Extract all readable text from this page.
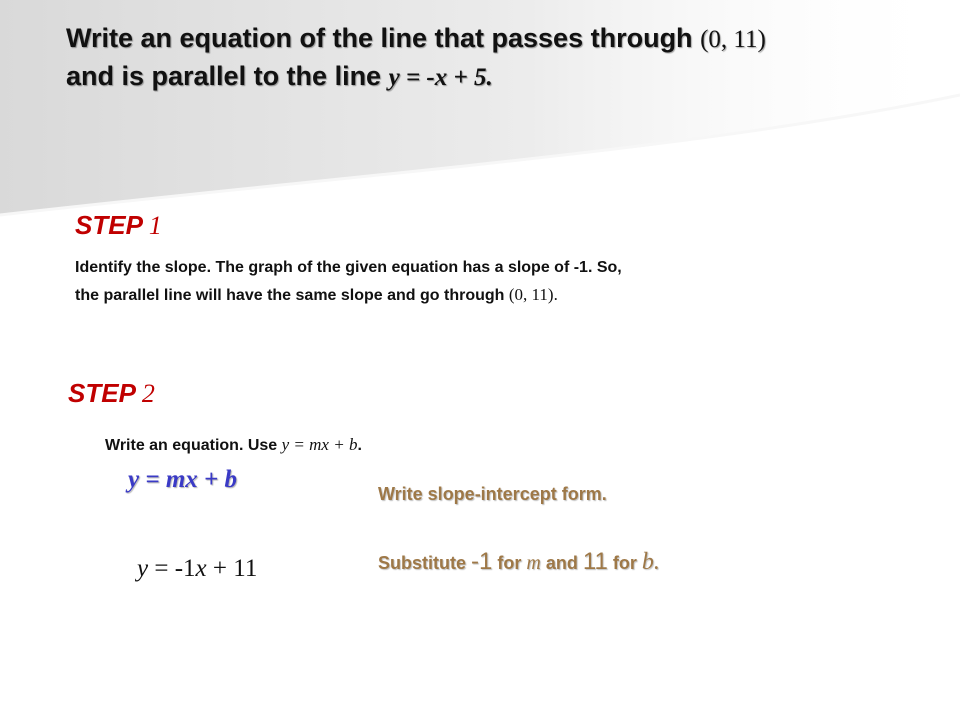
Write an equation of the line that passes through (0, 11)
and is parallel to the line y = -x + 5.
STEP 1

Identify the slope. The graph of the given equation has a slope of -1. So,
the parallel line will have the same slope and go through (0, 11).

STEP 2

Write an equation. Use y = mx + b.

y = mx + b
y = -1x + 11
Write slope-intercept form.
Substitute -1 for m and 11 for b.
